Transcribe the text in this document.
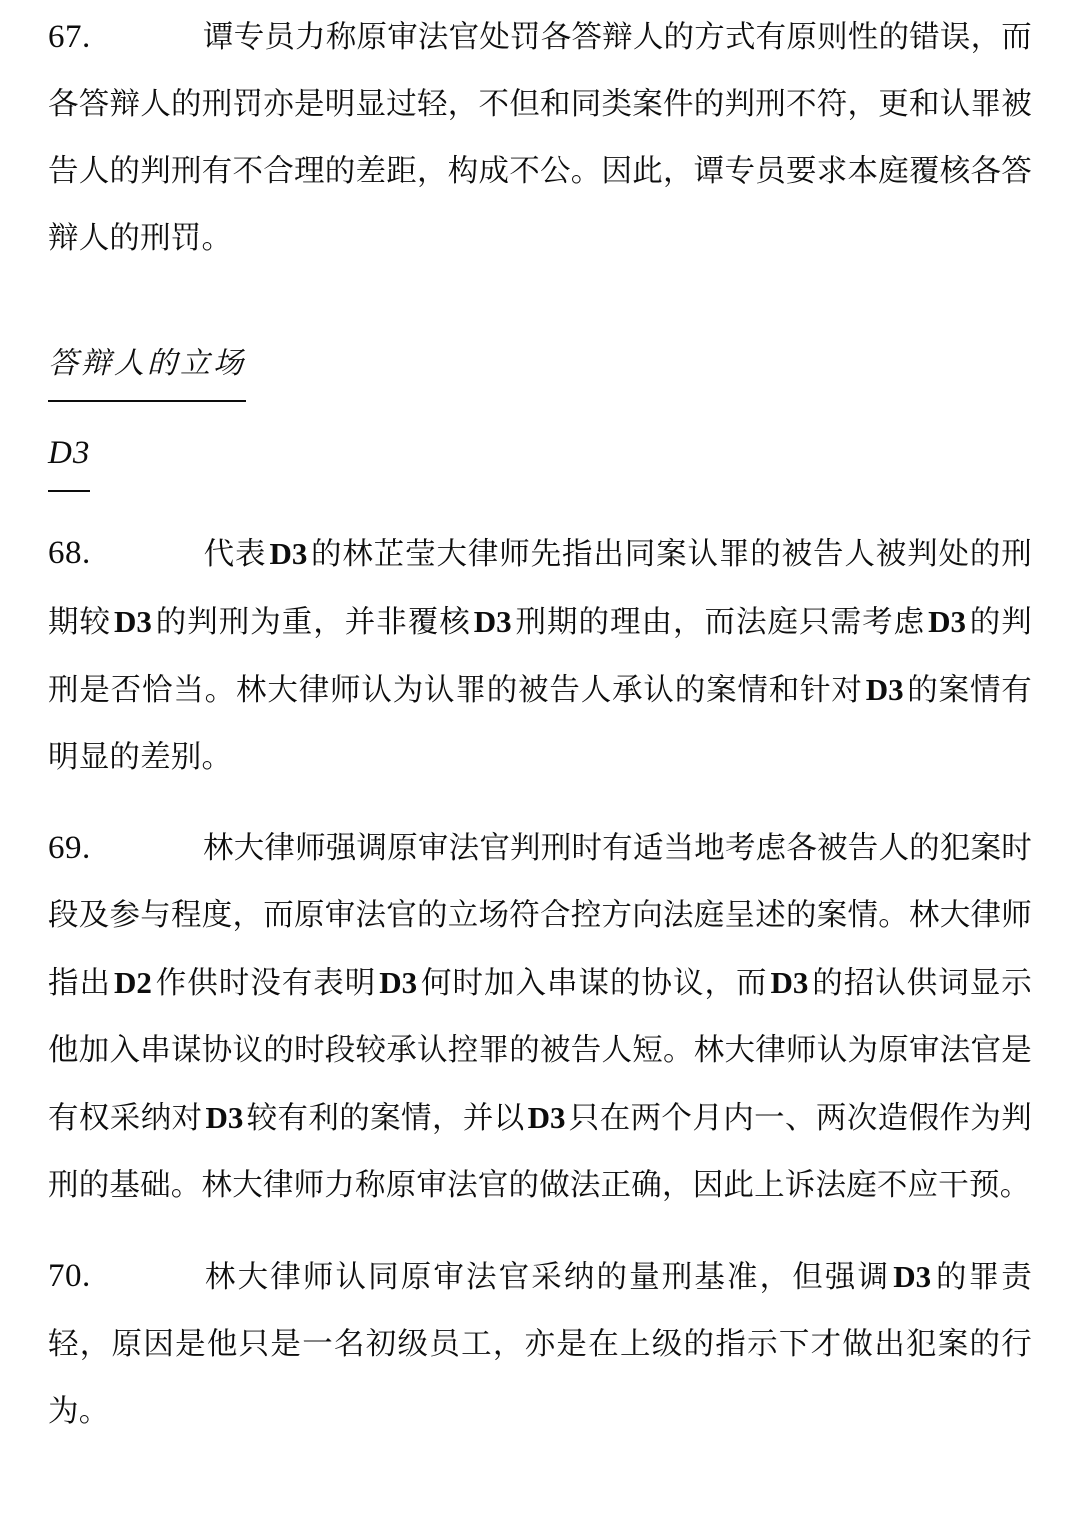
67.	谭专员力称原审法官处罚各答辩人的方式有原则性的错误，而各答辩人的刑罚亦是明显过轻，不但和同类案件的判刑不符，更和认罪被告人的判刑有不合理的差距，构成不公。因此，谭专员要求本庭覆核各答辩人的刑罚。
答辩人的立场
D3
68.	代表D3的林芷莹大律师先指出同案认罪的被告人被判处的刑期较D3的判刑为重，并非覆核D3刑期的理由，而法庭只需考虑D3的判刑是否恰当。林大律师认为认罪的被告人承认的案情和针对D3的案情有明显的差别。
69.	林大律师强调原审法官判刑时有适当地考虑各被告人的犯案时段及参与程度，而原审法官的立场符合控方向法庭呈述的案情。林大律师指出D2作供时没有表明D3何时加入串谋的协议，而D3的招认供词显示他加入串谋协议的时段较承认控罪的被告人短。林大律师认为原审法官是有权采纳对D3较有利的案情，并以D3只在两个月内一、两次造假作为判刑的基础。林大律师力称原审法官的做法正确，因此上诉法庭不应干预。
70.	林大律师认同原审法官采纳的量刑基准，但强调D3的罪责轻，原因是他只是一名初级员工，亦是在上级的指示下才做出犯案的行为。
